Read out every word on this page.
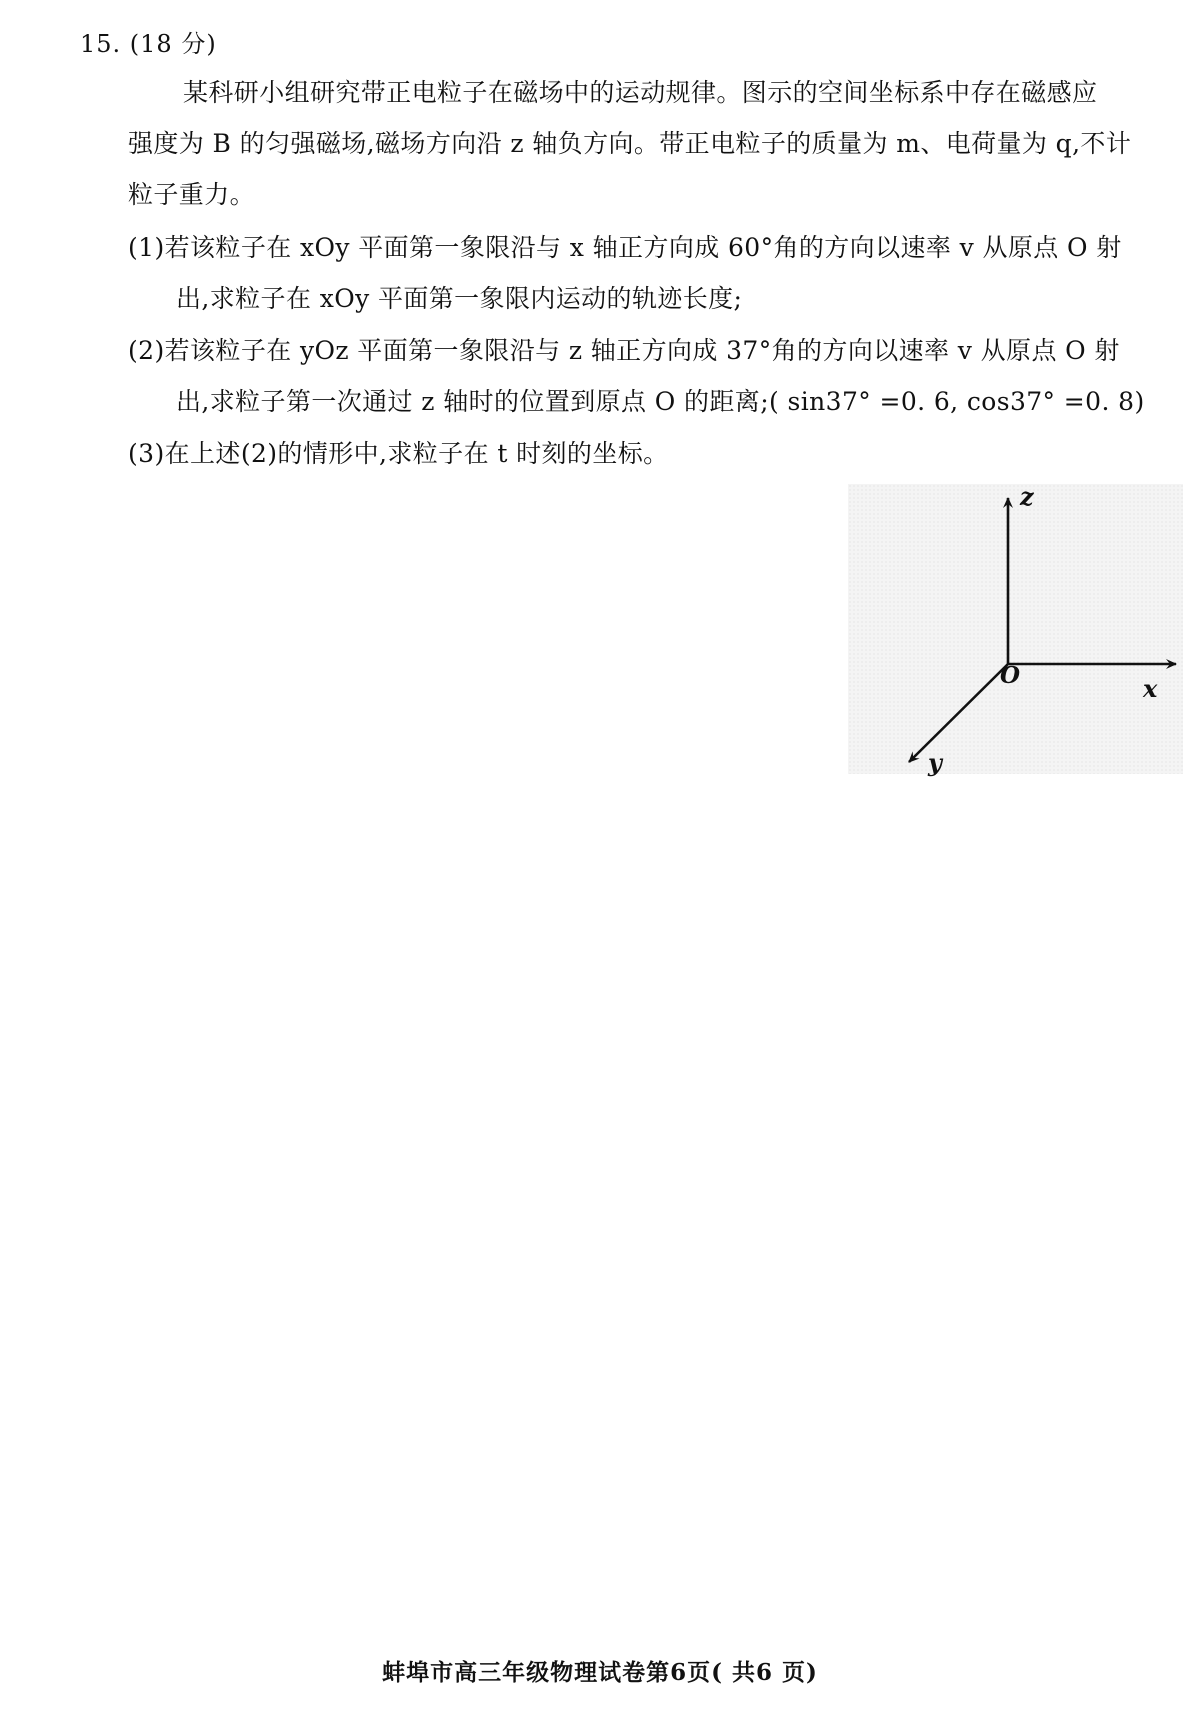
15. (18 分)
某科研小组研究带正电粒子在磁场中的运动规律。图示的空间坐标系中存在磁感应
强度为 B 的匀强磁场,磁场方向沿 z 轴负方向。带正电粒子的质量为 m、电荷量为 q,不计
粒子重力。
(1)若该粒子在 xOy 平面第一象限沿与 x 轴正方向成 60°角的方向以速率 v 从原点 O 射
出,求粒子在 xOy 平面第一象限内运动的轨迹长度;
(2)若该粒子在 yOz 平面第一象限沿与 z 轴正方向成 37°角的方向以速率 v 从原点 O 射
出,求粒子第一次通过 z 轴时的位置到原点 O 的距离;( sin37° =0. 6, cos37° =0. 8)
(3)在上述(2)的情形中,求粒子在 t 时刻的坐标。
z
O	x
y
蚌埠市高三年级物理试卷第6页( 共6 页)
